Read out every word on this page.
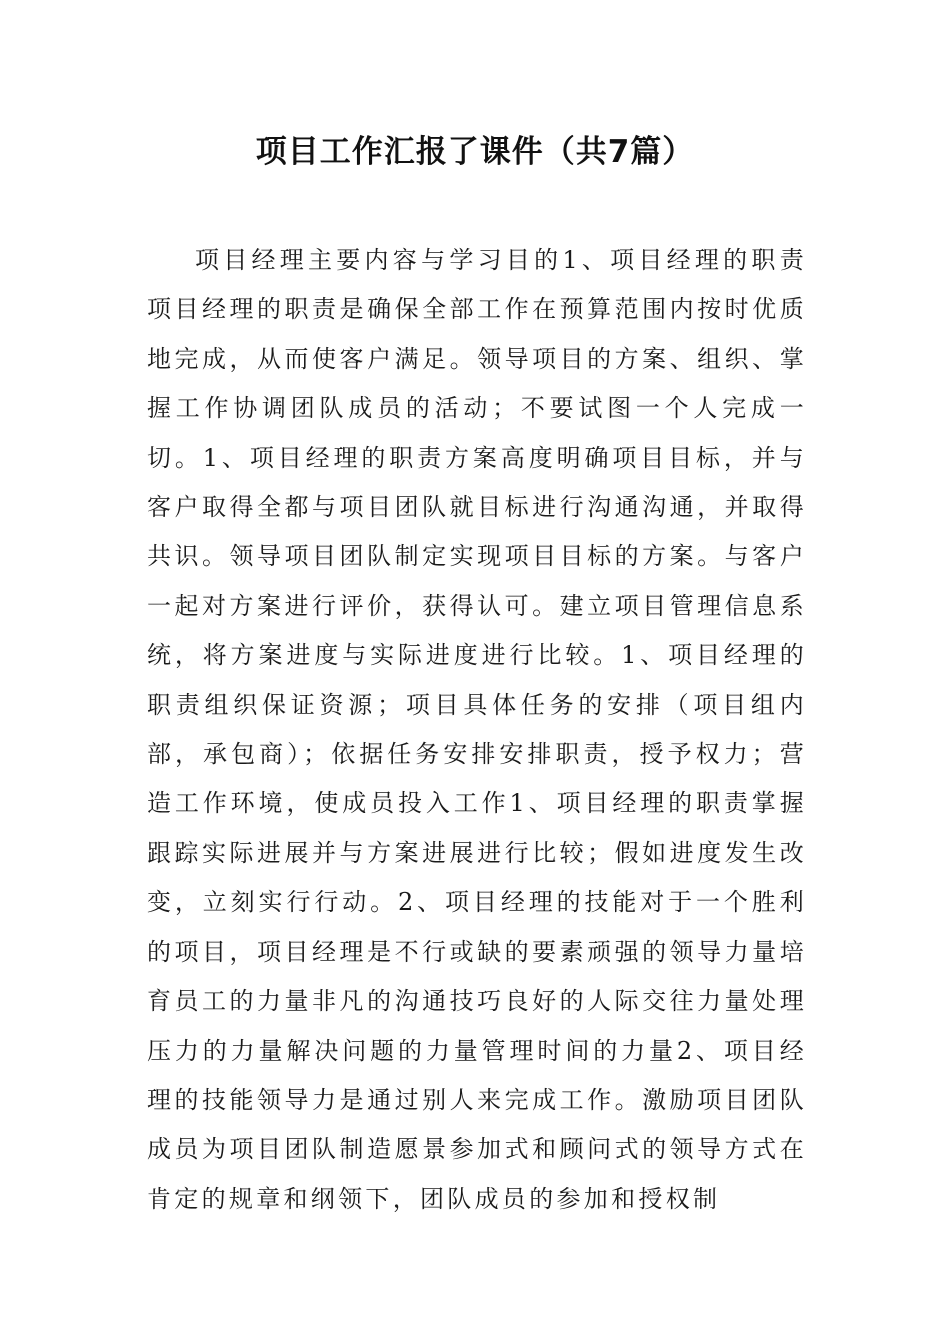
项目工作汇报了课件（共7篇）

项目经理主要内容与学习目的1、项目经理的职责项目经理的职责是确保全部工作在预算范围内按时优质地完成，从而使客户满足。领导项目的方案、组织、掌握工作协调团队成员的活动；不要试图一个人完成一切。1、项目经理的职责方案高度明确项目目标，并与客户取得全都与项目团队就目标进行沟通沟通，并取得共识。领导项目团队制定实现项目目标的方案。与客户一起对方案进行评价，获得认可。建立项目管理信息系统，将方案进度与实际进度进行比较。1、项目经理的职责组织保证资源；项目具体任务的安排（项目组内部，承包商）；依据任务安排安排职责，授予权力；营造工作环境，使成员投入工作1、项目经理的职责掌握跟踪实际进展并与方案进展进行比较；假如进度发生改变，立刻实行行动。2、项目经理的技能对于一个胜利的项目，项目经理是不行或缺的要素顽强的领导力量培育员工的力量非凡的沟通技巧良好的人际交往力量处理压力的力量解决问题的力量管理时间的力量2、项目经理的技能领导力是通过别人来完成工作。激励项目团队成员为项目团队制造愿景参加式和顾问式的领导方式在肯定的规章和纲领下，团队成员的参加和授权制
